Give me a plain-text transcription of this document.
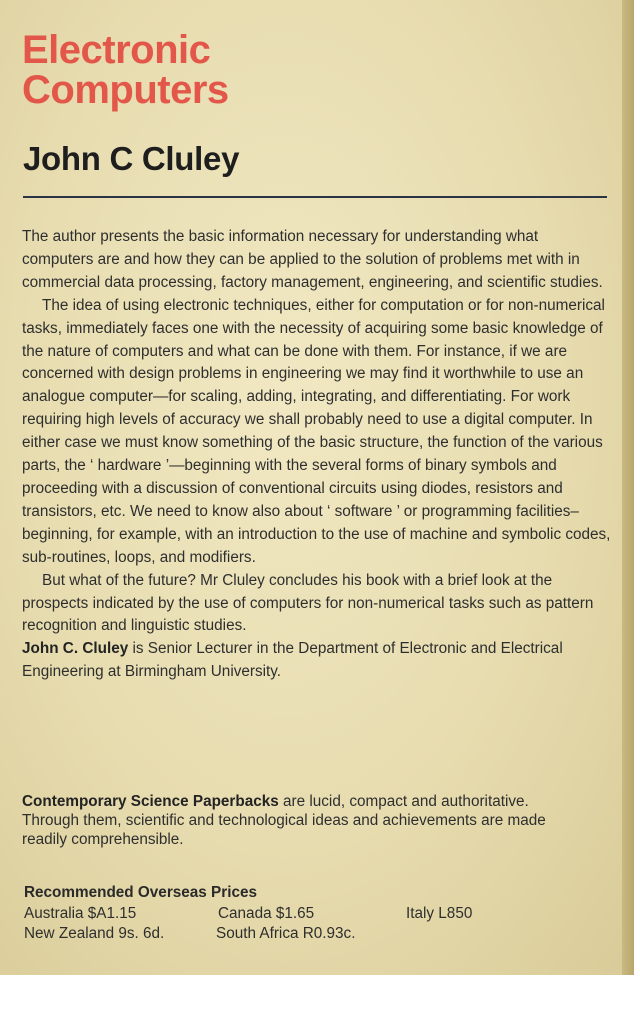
Electronic
Computers
John C Cluley

The author presents the basic information necessary for understanding what computers are and how they can be applied to the solution of problems met with in commercial data processing, factory management, engineering, and scientific studies.

The idea of using electronic techniques, either for computation or for non-numerical tasks, immediately faces one with the necessity of acquiring some basic knowledge of the nature of computers and what can be done with them. For instance, if we are concerned with design problems in engineering we may find it worthwhile to use an analogue computer—for scaling, adding, integrating, and differentiating. For work requiring high levels of accuracy we shall probably need to use a digital computer. In either case we must know something of the basic structure, the function of the various parts, the ‘ hardware ’—beginning with the several forms of binary symbols and proceeding with a discussion of conventional circuits using diodes, resistors and transistors, etc. We need to know also about ‘ software ’ or programming facilities–beginning, for example, with an introduction to the use of machine and symbolic codes, sub-routines, loops, and modifiers.

But what of the future? Mr Cluley concludes his book with a brief look at the prospects indicated by the use of computers for non-numerical tasks such as pattern recognition and linguistic studies.

John C. Cluley is Senior Lecturer in the Department of Electronic and Electrical Engineering at Birmingham University.

Contemporary Science Paperbacks are lucid, compact and authoritative. Through them, scientific and technological ideas and achievements are made readily comprehensible.
Recommended Overseas Prices
Australia $A1.15	Canada $1.65	Italy L850
New Zealand 9s. 6d.	South Africa R0.93c.
